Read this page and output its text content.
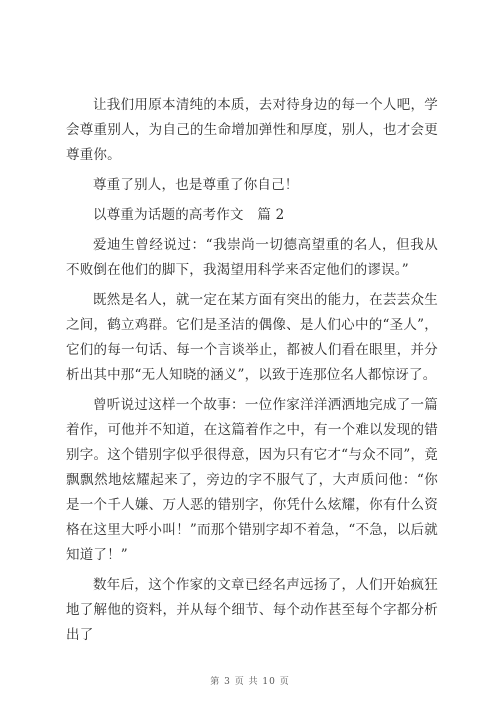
让我们用原本清纯的本质，去对待身边的每一个人吧，学会尊重别人，为自己的生命增加弹性和厚度，别人，也才会更尊重你。

尊重了别人，也是尊重了你自己！

以尊重为话题的高考作文　篇 2

爱迪生曾经说过：“我崇尚一切德高望重的名人，但我从不败倒在他们的脚下，我渴望用科学来否定他们的谬误。”

既然是名人，就一定在某方面有突出的能力，在芸芸众生之间，鹤立鸡群。它们是圣洁的偶像、是人们心中的“圣人”，它们的每一句话、每一个言谈举止，都被人们看在眼里，并分析出其中那“无人知晓的涵义”，以致于连那位名人都惊讶了。

曾听说过这样一个故事：一位作家洋洋洒洒地完成了一篇着作，可他并不知道，在这篇着作之中，有一个难以发现的错别字。这个错别字似乎很得意，因为只有它才“与众不同”，竟飘飘然地炫耀起来了，旁边的字不服气了，大声质问他：“你是一个千人嫌、万人恶的错别字，你凭什么炫耀，你有什么资格在这里大呼小叫！”而那个错别字却不着急，“不急，以后就知道了！”

数年后，这个作家的文章已经名声远扬了，人们开始疯狂地了解他的资料，并从每个细节、每个动作甚至每个字都分析出了

第 3 页 共 10 页
